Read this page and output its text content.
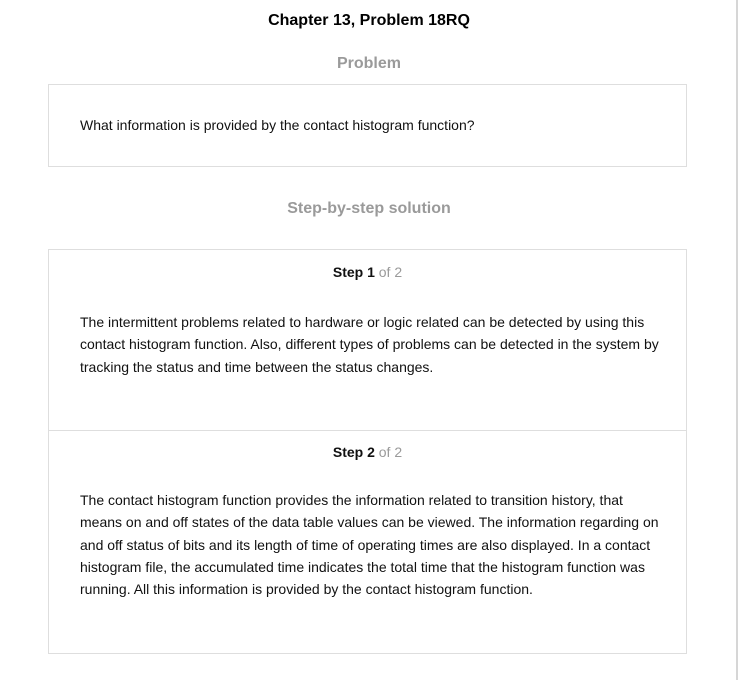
Chapter 13, Problem 18RQ
Problem
What information is provided by the contact histogram function?
Step-by-step solution
Step 1 of 2

The intermittent problems related to hardware or logic related can be detected by using this contact histogram function. Also, different types of problems can be detected in the system by tracking the status and time between the status changes.

Step 2 of 2

The contact histogram function provides the information related to transition history, that means on and off states of the data table values can be viewed. The information regarding on and off status of bits and its length of time of operating times are also displayed. In a contact histogram file, the accumulated time indicates the total time that the histogram function was running. All this information is provided by the contact histogram function.
